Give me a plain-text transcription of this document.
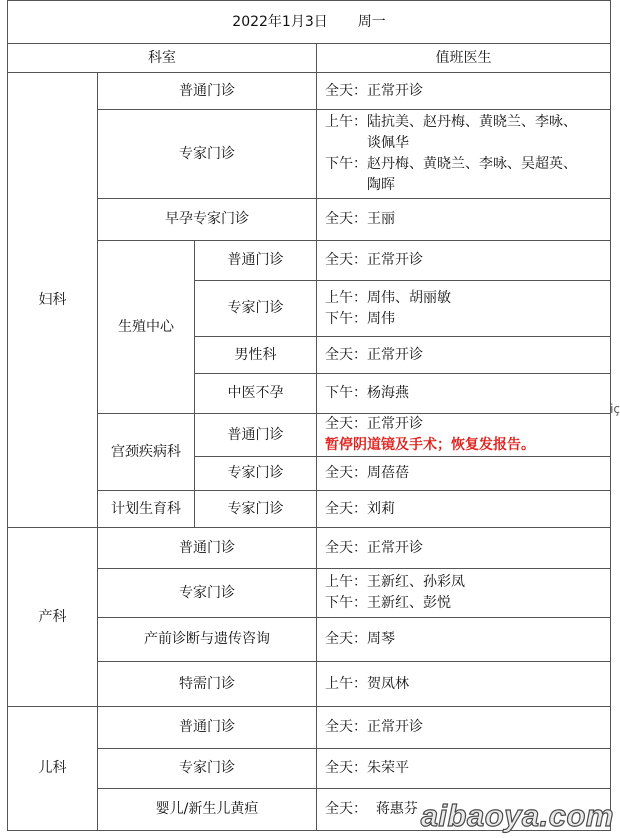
2022年1月3日 周一			
科室			值班医生
妇科	普通门诊		全天：正常开诊
	专家门诊		上午：陆抗美、赵丹梅、黄晓兰、李咏、
谈佩华
下午：赵丹梅、黄晓兰、李咏、吴超英、
陶晖

	早孕专家门诊		全天：王丽
	生殖中心	普通门诊	全天：正常开诊
		专家门诊	上午：周伟、胡丽敏
下午：周伟

		男性科	全天：正常开诊
		中医不孕	下午：杨海燕
	宫颈疾病科	普通门诊	全天：正常开诊
暂停阴道镜及手术；恢复发报告。

		专家门诊	全天：周蓓蓓
	计划生育科	专家门诊	全天：刘莉

产科	普通门诊		全天：正常开诊
	专家门诊		上午：王新红、孙彩凤
下午：王新红、彭悦

	产前诊断与遗传咨询		全天：周琴
	特需门诊		上午：贺凤林
儿科	普通门诊		全天：正常开诊
	专家门诊		全天：朱荣平
	婴儿/新生儿黄疸		全天：  蒋惠芬
iç
aibaoya.com
